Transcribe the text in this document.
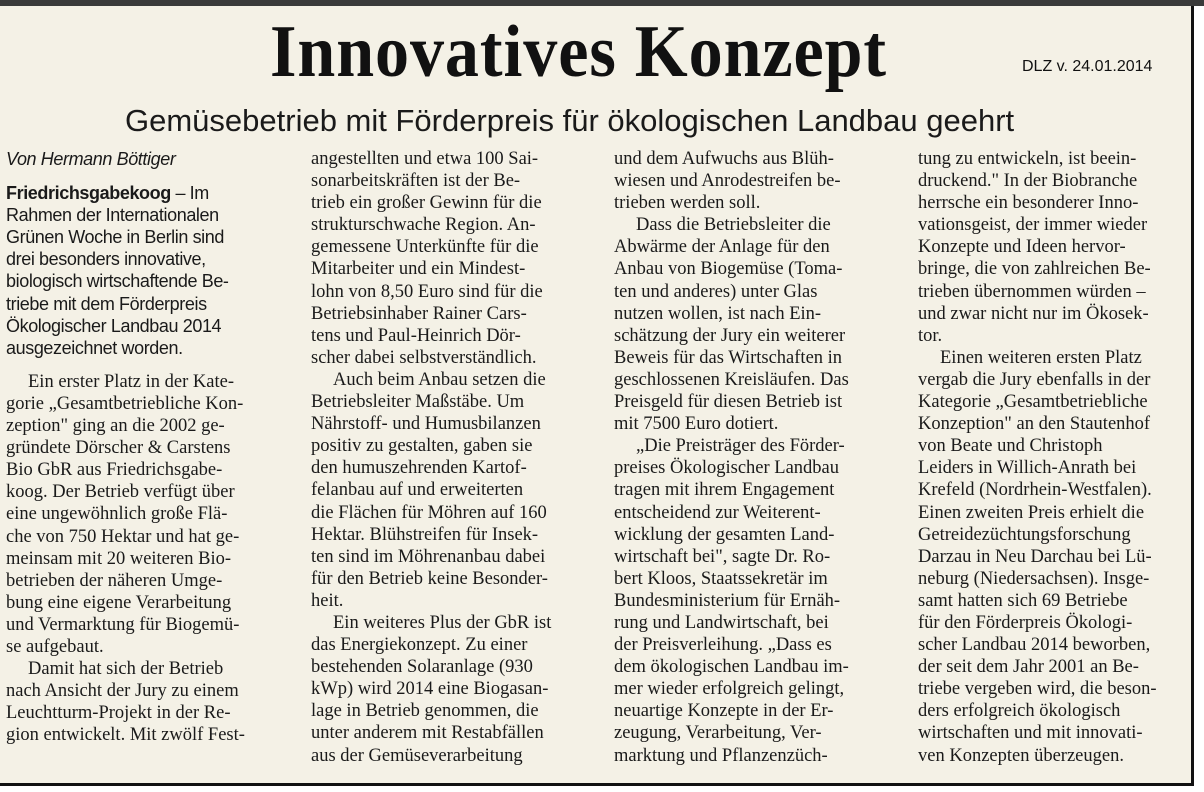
Innovatives Konzept	DLZ v. 24.01.2014
Gemüsebetrieb mit Förderpreis für ökologischen Landbau geehrt
Von Hermann Böttiger
Friedrichsgabekoog – Im
Rahmen der Internationalen
Grünen Woche in Berlin sind
drei besonders innovative,
biologisch wirtschaftende Be-
triebe mit dem Förderpreis
Ökologischer Landbau 2014
ausgezeichnet worden.
Ein erster Platz in der Kate-
gorie „Gesamtbetriebliche Kon-
zeption" ging an die 2002 ge-
gründete Dörscher & Carstens
Bio GbR aus Friedrichsgabe-
koog. Der Betrieb verfügt über
eine ungewöhnlich große Flä-
che von 750 Hektar und hat ge-
meinsam mit 20 weiteren Bio-
betrieben der näheren Umge-
bung eine eigene Verarbeitung
und Vermarktung für Biogemü-
se aufgebaut.
Damit hat sich der Betrieb
nach Ansicht der Jury zu einem
Leuchtturm-Projekt in der Re-
gion entwickelt. Mit zwölf Fest-
angestellten und etwa 100 Sai-
sonarbeitskräften ist der Be-
trieb ein großer Gewinn für die
strukturschwache Region. An-
gemessene Unterkünfte für die
Mitarbeiter und ein Mindest-
lohn von 8,50 Euro sind für die
Betriebsinhaber Rainer Cars-
tens und Paul-Heinrich Dör-
scher dabei selbstverständlich.
Auch beim Anbau setzen die
Betriebsleiter Maßstäbe. Um
Nährstoff- und Humusbilanzen
positiv zu gestalten, gaben sie
den humuszehrenden Kartof-
felanbau auf und erweiterten
die Flächen für Möhren auf 160
Hektar. Blühstreifen für Insek-
ten sind im Möhrenanbau dabei
für den Betrieb keine Besonder-
heit.
Ein weiteres Plus der GbR ist
das Energiekonzept. Zu einer
bestehenden Solaranlage (930
kWp) wird 2014 eine Biogasan-
lage in Betrieb genommen, die
unter anderem mit Restabfällen
aus der Gemüseverarbeitung
und dem Aufwuchs aus Blüh-
wiesen und Anrodestreifen be-
trieben werden soll.
Dass die Betriebsleiter die
Abwärme der Anlage für den
Anbau von Biogemüse (Toma-
ten und anderes) unter Glas
nutzen wollen, ist nach Ein-
schätzung der Jury ein weiterer
Beweis für das Wirtschaften in
geschlossenen Kreisläufen. Das
Preisgeld für diesen Betrieb ist
mit 7500 Euro dotiert.
„Die Preisträger des Förder-
preises Ökologischer Landbau
tragen mit ihrem Engagement
entscheidend zur Weiterent-
wicklung der gesamten Land-
wirtschaft bei", sagte Dr. Ro-
bert Kloos, Staatssekretär im
Bundesministerium für Ernäh-
rung und Landwirtschaft, bei
der Preisverleihung. „Dass es
dem ökologischen Landbau im-
mer wieder erfolgreich gelingt,
neuartige Konzepte in der Er-
zeugung, Verarbeitung, Ver-
marktung und Pflanzenzüch-
tung zu entwickeln, ist beein-
druckend." In der Biobranche
herrsche ein besonderer Inno-
vationsgeist, der immer wieder
Konzepte und Ideen hervor-
bringe, die von zahlreichen Be-
trieben übernommen würden –
und zwar nicht nur im Ökosek-
tor.
Einen weiteren ersten Platz
vergab die Jury ebenfalls in der
Kategorie „Gesamtbetriebliche
Konzeption" an den Stautenhof
von Beate und Christoph
Leiders in Willich-Anrath bei
Krefeld (Nordrhein-Westfalen).
Einen zweiten Preis erhielt die
Getreidezüchtungsforschung
Darzau in Neu Darchau bei Lü-
neburg (Niedersachsen). Insge-
samt hatten sich 69 Betriebe
für den Förderpreis Ökologi-
scher Landbau 2014 beworben,
der seit dem Jahr 2001 an Be-
triebe vergeben wird, die beson-
ders erfolgreich ökologisch
wirtschaften und mit innovati-
ven Konzepten überzeugen.
